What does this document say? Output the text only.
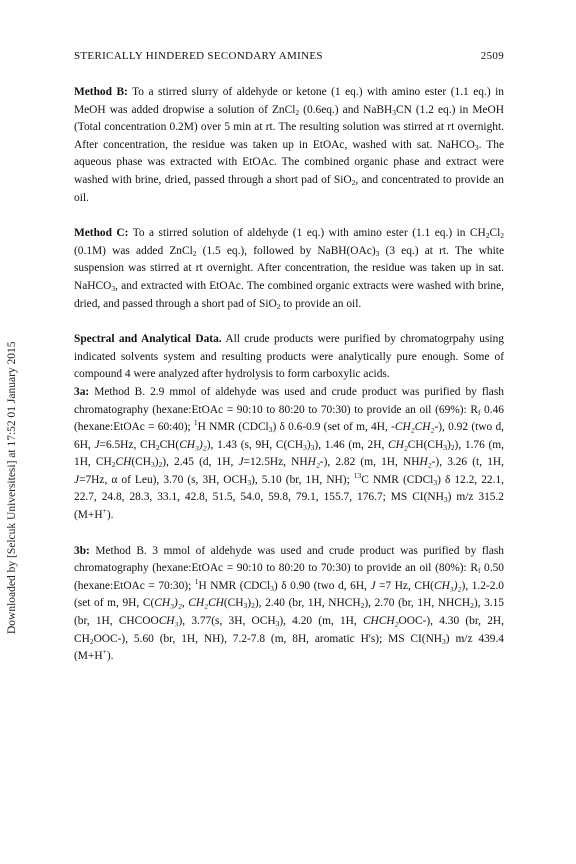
STERICALLY HINDERED SECONDARY AMINES	2509
Downloaded by [Selcuk Universitesi] at 17:52 01 January 2015

Method B: To a stirred slurry of aldehyde or ketone (1 eq.) with amino ester (1.1 eq.) in MeOH was added dropwise a solution of ZnCl$_2$ (0.6eq.) and NaBH$_3$CN (1.2 eq.) in MeOH (Total concentration 0.2M) over 5 min at rt. The resulting solution was stirred at rt overnight. After concentration, the residue was taken up in EtOAc, washed with sat. NaHCO$_3$. The aqueous phase was extracted with EtOAc. The combined organic phase and extract were washed with brine, dried, passed through a short pad of SiO$_2$, and concentrated to provide an oil.

Method C: To a stirred solution of aldehyde (1 eq.) with amino ester (1.1 eq.) in $CH_2Cl_2$ (0.1M) was added ZnCl$_2$ (1.5 eq.), followed by $NaBH(OAc)_3$ (3 eq.) at rt. The white suspension was stirred at rt overnight. After concentration, the residue was taken up in sat. NaHCO$_3$, and extracted with EtOAc. The combined organic extracts were washed with brine, dried, and passed through a short pad of SiO$_2$ to provide an oil.

Spectral and Analytical Data. All crude products were purified by chromatogrpahy using indicated solvents system and resulting products were analytically pure enough. Some of compound 4 were analyzed after hydrolysis to form carboxylic acids.

3a: Method B. 2.9 mmol of aldehyde was used and crude product was purified by flash chromatography (hexane:EtOAc = 90:10 to 80:20 to 70:30) to provide an oil (69%): $R_f$ 0.46 (hexane:EtOAc = 60:40); $^1$H NMR (CDCl$_3$) δ 0.6-0.9 (set of m, 4H, -CH₂CH₂-), 0.92 (two d, 6H, J=6.5Hz, $CH_2CH(CH_3)_2$), 1.43 (s, 9H, $C(CH_3)_3$), 1.46 (m, 2H, $CH_2CH(CH_3)_2$), 1.76 (m, 1H, $CH_2CH(CH_3)_2$), 2.45 (d, 1H, J=12.5Hz, NHH₂-), 2.82 (m, 1H, NHH₂-), 3.26 (t, 1H, J=7Hz, α of Leu), 3.70 (s, 3H, $OCH_3$), 5.10 (br, 1H, NH); $^{13}$C NMR (CDCl$_3$) δ 12.2, 22.1, 22.7, 24.8, 28.3, 33.1, 42.8, 51.5, 54.0, 59.8, 79.1, 155.7, 176.7; MS $CI(NH_3)$ m/z 315.2 (M+H+).

3b: Method B. 3 mmol of aldehyde was used and crude product was purified by flash chromatography (hexane:EtOAc = 90:10 to 80:20 to 70:30) to provide an oil (80%): $R_f$ 0.50 (hexane:EtOAc = 70:30); $^1$H NMR (CDCl$_3$) δ 0.90 (two d, 6H, J =7 Hz, CH(CH₃)₂), 1.2-2.0 (set of m, 9H, C(CH₃)₂, $CH_2CH(CH_3)_2$), 2.40 (br, 1H, $NHCH_2$), 2.70 (br, 1H, $NHCH_2$), 3.15 (br, 1H, CHCOOCH₃), 3.77(s, 3H, $OCH_3$), 4.20 (m, 1H, CHCH₂OOC-), 4.30 (br, 2H, $CH_2OOC-$), 5.60 (br, 1H, NH), 7.2-7.8 (m, 8H, aromatic H's); MS $CI(NH_3)$ m/z 439.4 (M+H+).
